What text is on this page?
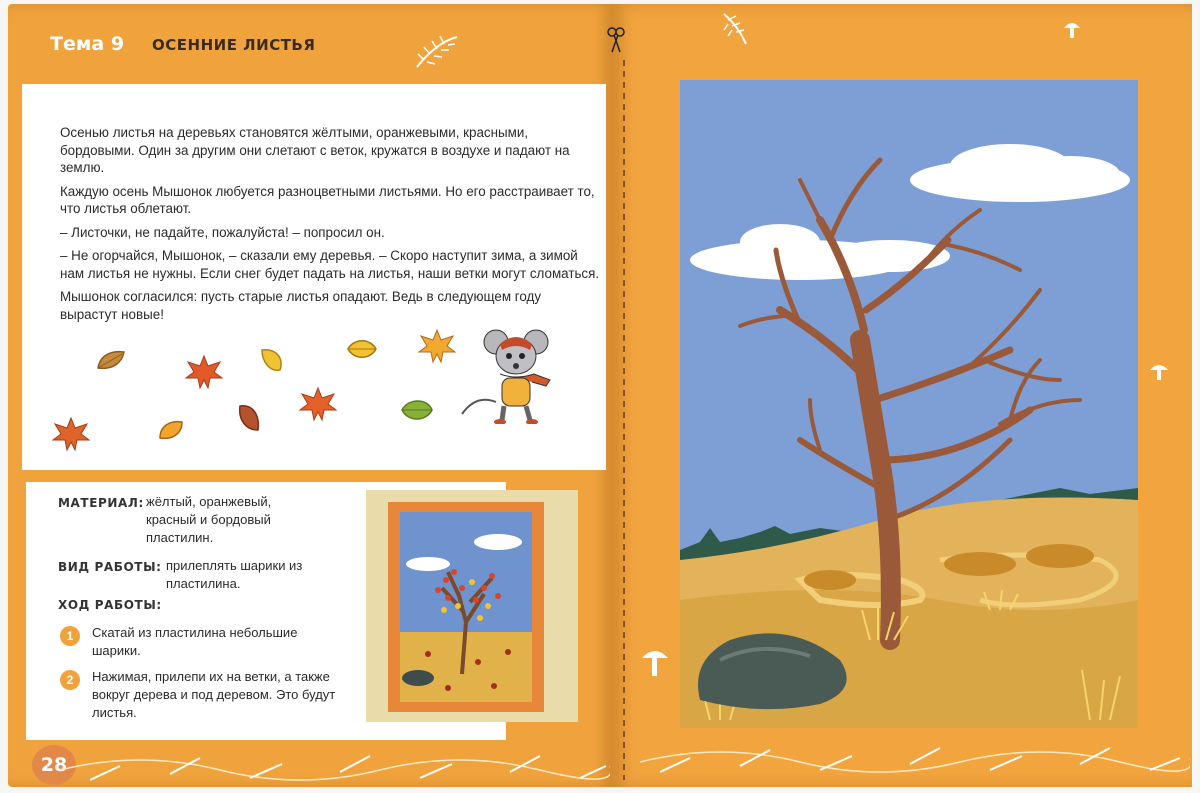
Тема 9 ОСЕННИЕ ЛИСТЬЯ

Осенью листья на деревьях становятся жёлтыми, оранжевыми, красными, бордовыми. Один за другим они слетают с веток, кружатся в воздухе и падают на землю.

Каждую осень Мышонок любуется разноцветными листьями. Но его расстраивает то, что листья облетают.

– Листочки, не падайте, пожалуйста! – попросил он.

– Не огорчайся, Мышонок, – сказали ему деревья. – Скоро наступит зима, а зимой нам листья не нужны. Если снег будет падать на листья, наши ветки могут сломаться.

Мышонок согласился: пусть старые листья опадают. Ведь в следующем году вырастут новые!

МАТЕРИАЛ: жёлтый, оранжевый, красный и бордовый пластилин.
ВИД РАБОТЫ: прилеплять шарики из пластилина.
ХОД РАБОТЫ:
1	Скатай из пластилина небольшие шарики.
2	Нажимая, прилепи их на ветки, а также вокруг дерева и под деревом. Это будут листья.
28
